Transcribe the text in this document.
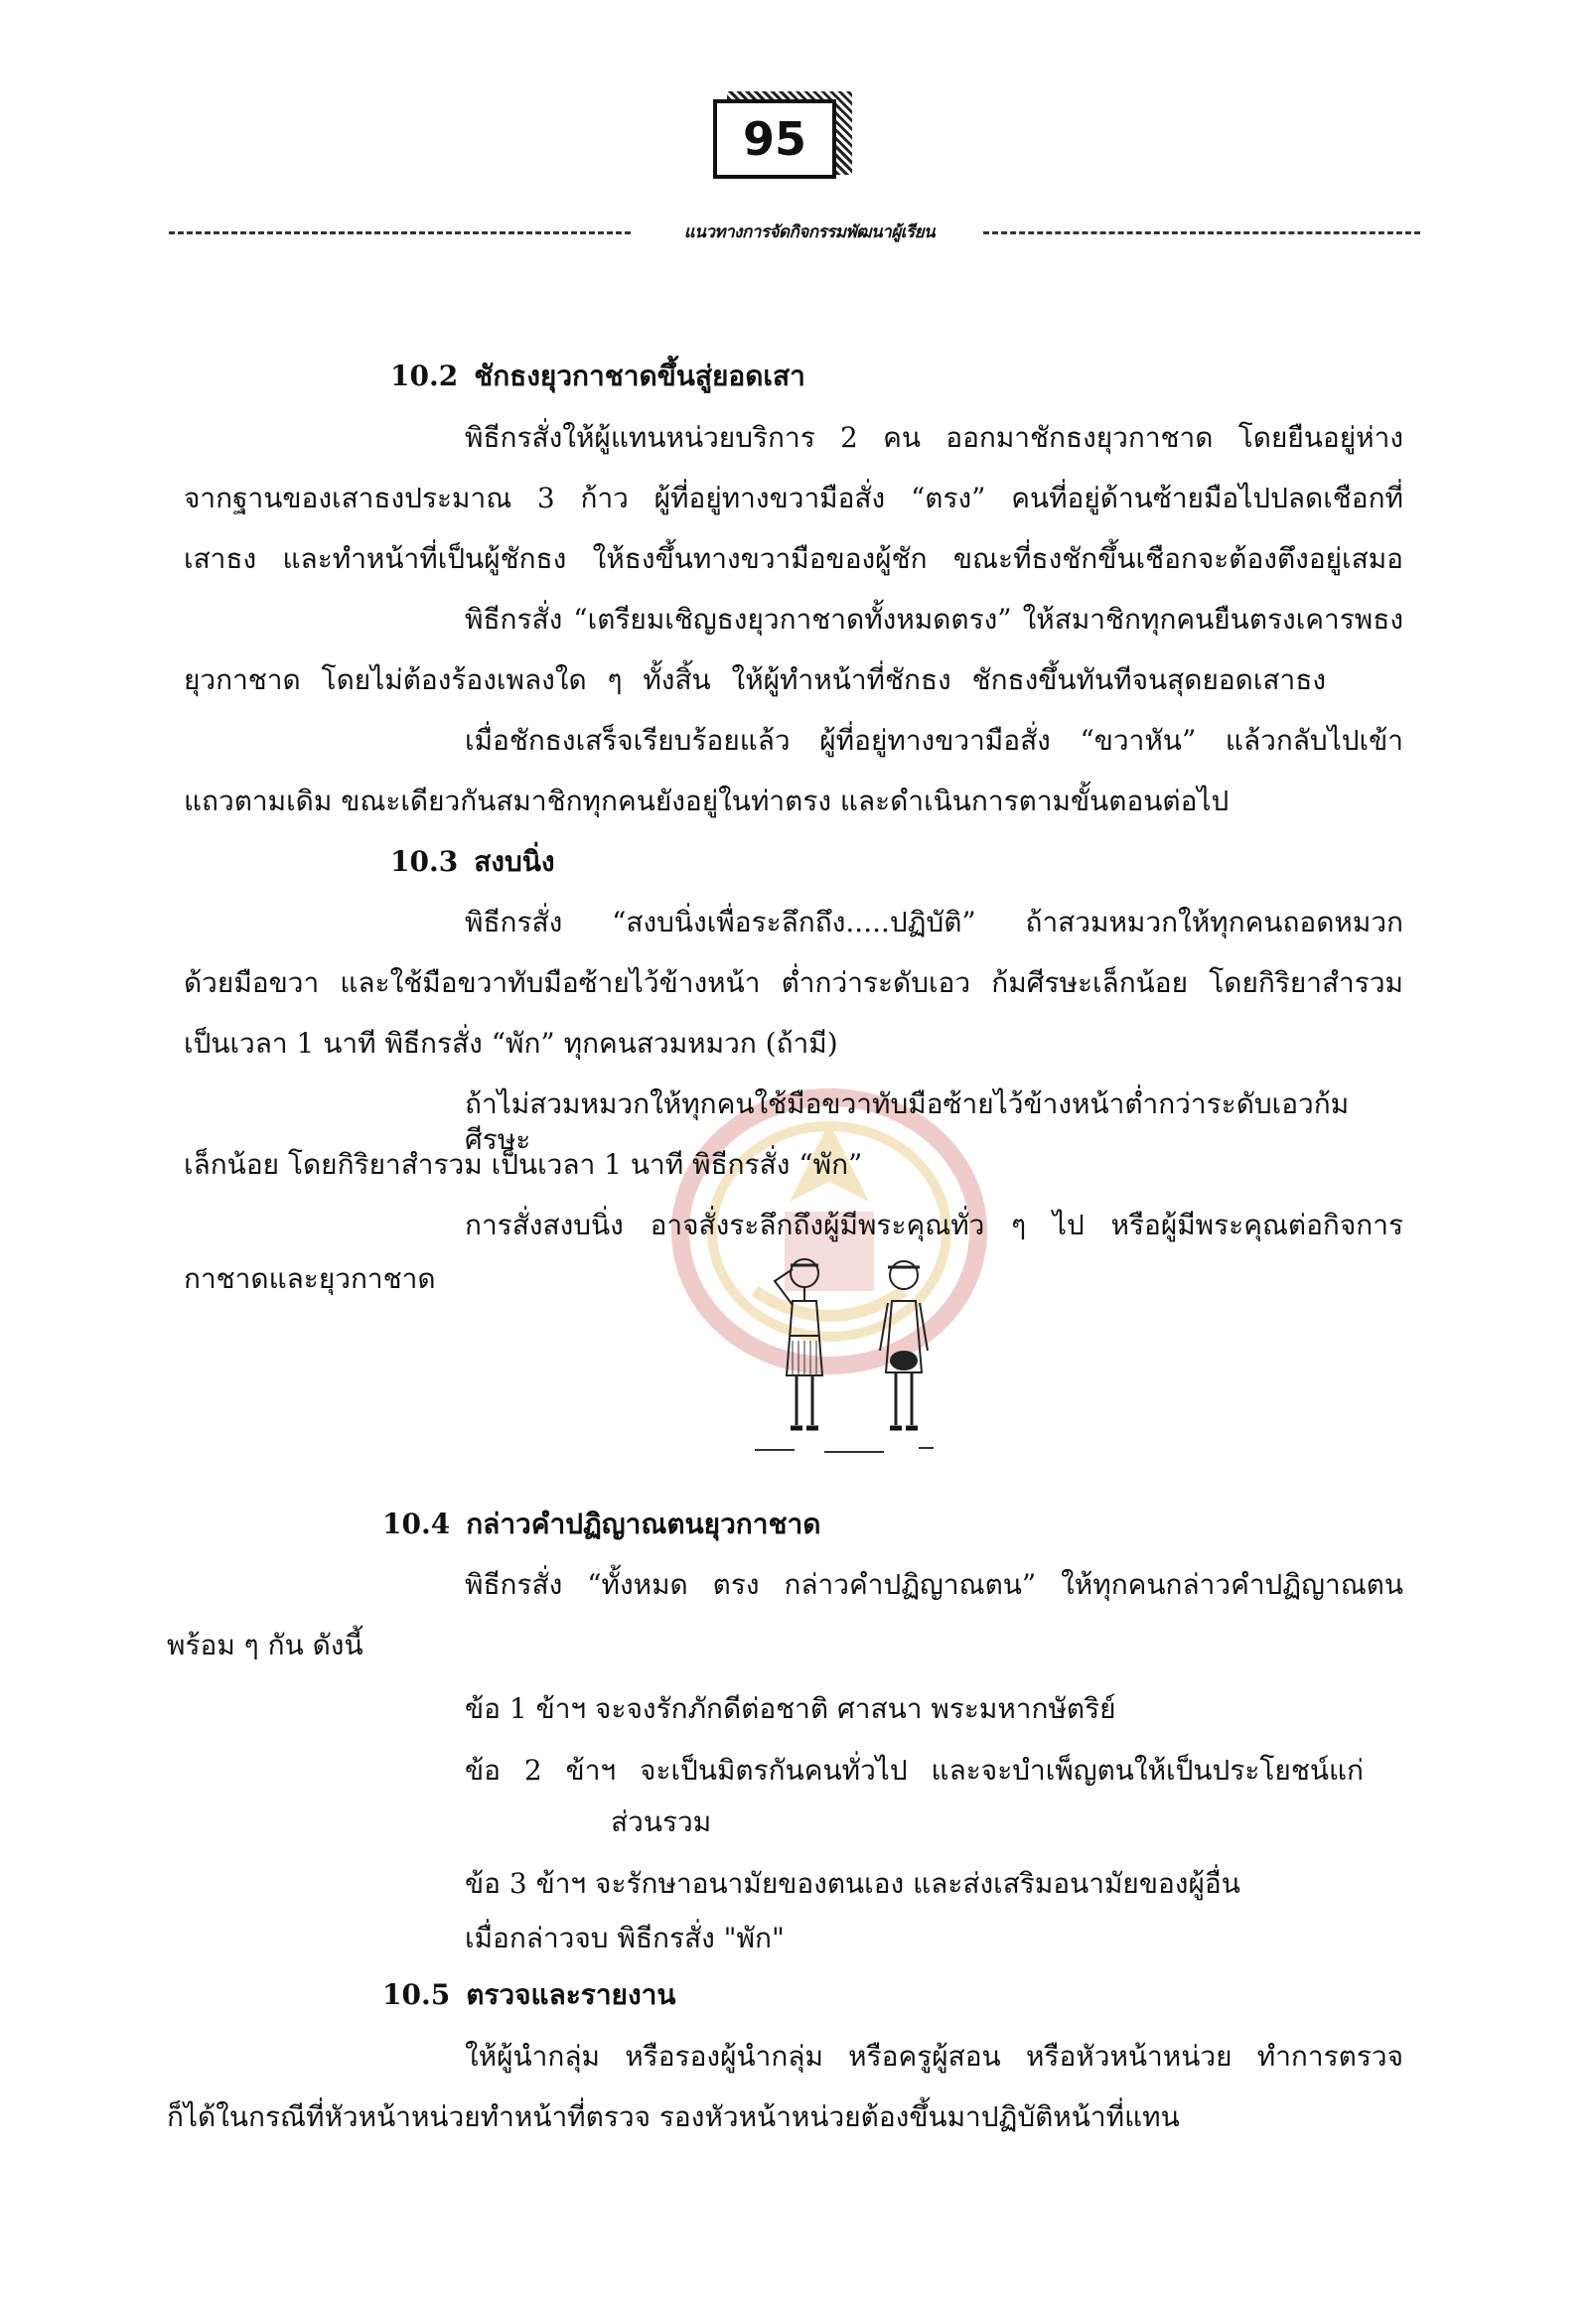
95
แนวทางการจัดกิจกรรมพัฒนาผู้เรียน
10.2 ชักธงยุวกาชาดขึ้นสู่ยอดเสา
พิธีกรสั่งให้ผู้แทนหน่วยบริการ 2 คน ออกมาชักธงยุวกาชาด โดยยืนอยู่ห่าง
จากฐานของเสาธงประมาณ 3 ก้าว ผู้ที่อยู่ทางขวามือสั่ง “ตรง” คนที่อยู่ด้านซ้ายมือไปปลดเชือกที่
เสาธง และทำหน้าที่เป็นผู้ชักธง ให้ธงขึ้นทางขวามือของผู้ชัก ขณะที่ธงชักขึ้นเชือกจะต้องตึงอยู่เสมอ
พิธีกรสั่ง “เตรียมเชิญธงยุวกาชาดทั้งหมดตรง” ให้สมาชิกทุกคนยืนตรงเคารพธง
ยุวกาชาด โดยไม่ต้องร้องเพลงใด ๆ ทั้งสิ้น ให้ผู้ทำหน้าที่ชักธง ชักธงขึ้นทันทีจนสุดยอดเสาธง
เมื่อชักธงเสร็จเรียบร้อยแล้ว ผู้ที่อยู่ทางขวามือสั่ง “ขวาหัน” แล้วกลับไปเข้า
แถวตามเดิม ขณะเดียวกันสมาชิกทุกคนยังอยู่ในท่าตรง และดำเนินการตามขั้นตอนต่อไป
10.3 สงบนิ่ง
พิธีกรสั่ง “สงบนิ่งเพื่อระลึกถึง.....ปฏิบัติ” ถ้าสวมหมวกให้ทุกคนถอดหมวก
ด้วยมือขวา และใช้มือขวาทับมือซ้ายไว้ข้างหน้า ต่ำกว่าระดับเอว ก้มศีรษะเล็กน้อย โดยกิริยาสำรวม
เป็นเวลา 1 นาที พิธีกรสั่ง “พัก” ทุกคนสวมหมวก (ถ้ามี)
ถ้าไม่สวมหมวกให้ทุกคนใช้มือขวาทับมือซ้ายไว้ข้างหน้าต่ำกว่าระดับเอวก้มศีรษะ
เล็กน้อย โดยกิริยาสำรวม เป็นเวลา 1 นาที พิธีกรสั่ง “พัก”
การสั่งสงบนิ่ง อาจสั่งระลึกถึงผู้มีพระคุณทั่ว ๆ ไป หรือผู้มีพระคุณต่อกิจการ
กาชาดและยุวกาชาด
10.4 กล่าวคำปฏิญาณตนยุวกาชาด
พิธีกรสั่ง “ทั้งหมด ตรง กล่าวคำปฏิญาณตน” ให้ทุกคนกล่าวคำปฏิญาณตน
พร้อม ๆ กัน ดังนี้
ข้อ 1 ข้าฯ จะจงรักภักดีต่อชาติ ศาสนา พระมหากษัตริย์
ข้อ 2 ข้าฯ จะเป็นมิตรกันคนทั่วไป และจะบำเพ็ญตนให้เป็นประโยชน์แก่
ส่วนรวม
ข้อ 3 ข้าฯ จะรักษาอนามัยของตนเอง และส่งเสริมอนามัยของผู้อื่น
เมื่อกล่าวจบ พิธีกรสั่ง "พัก"
10.5 ตรวจและรายงาน
ให้ผู้นำกลุ่ม หรือรองผู้นำกลุ่ม หรือครูผู้สอน หรือหัวหน้าหน่วย ทำการตรวจ
ก็ได้ในกรณีที่หัวหน้าหน่วยทำหน้าที่ตรวจ รองหัวหน้าหน่วยต้องขึ้นมาปฏิบัติหน้าที่แทน
